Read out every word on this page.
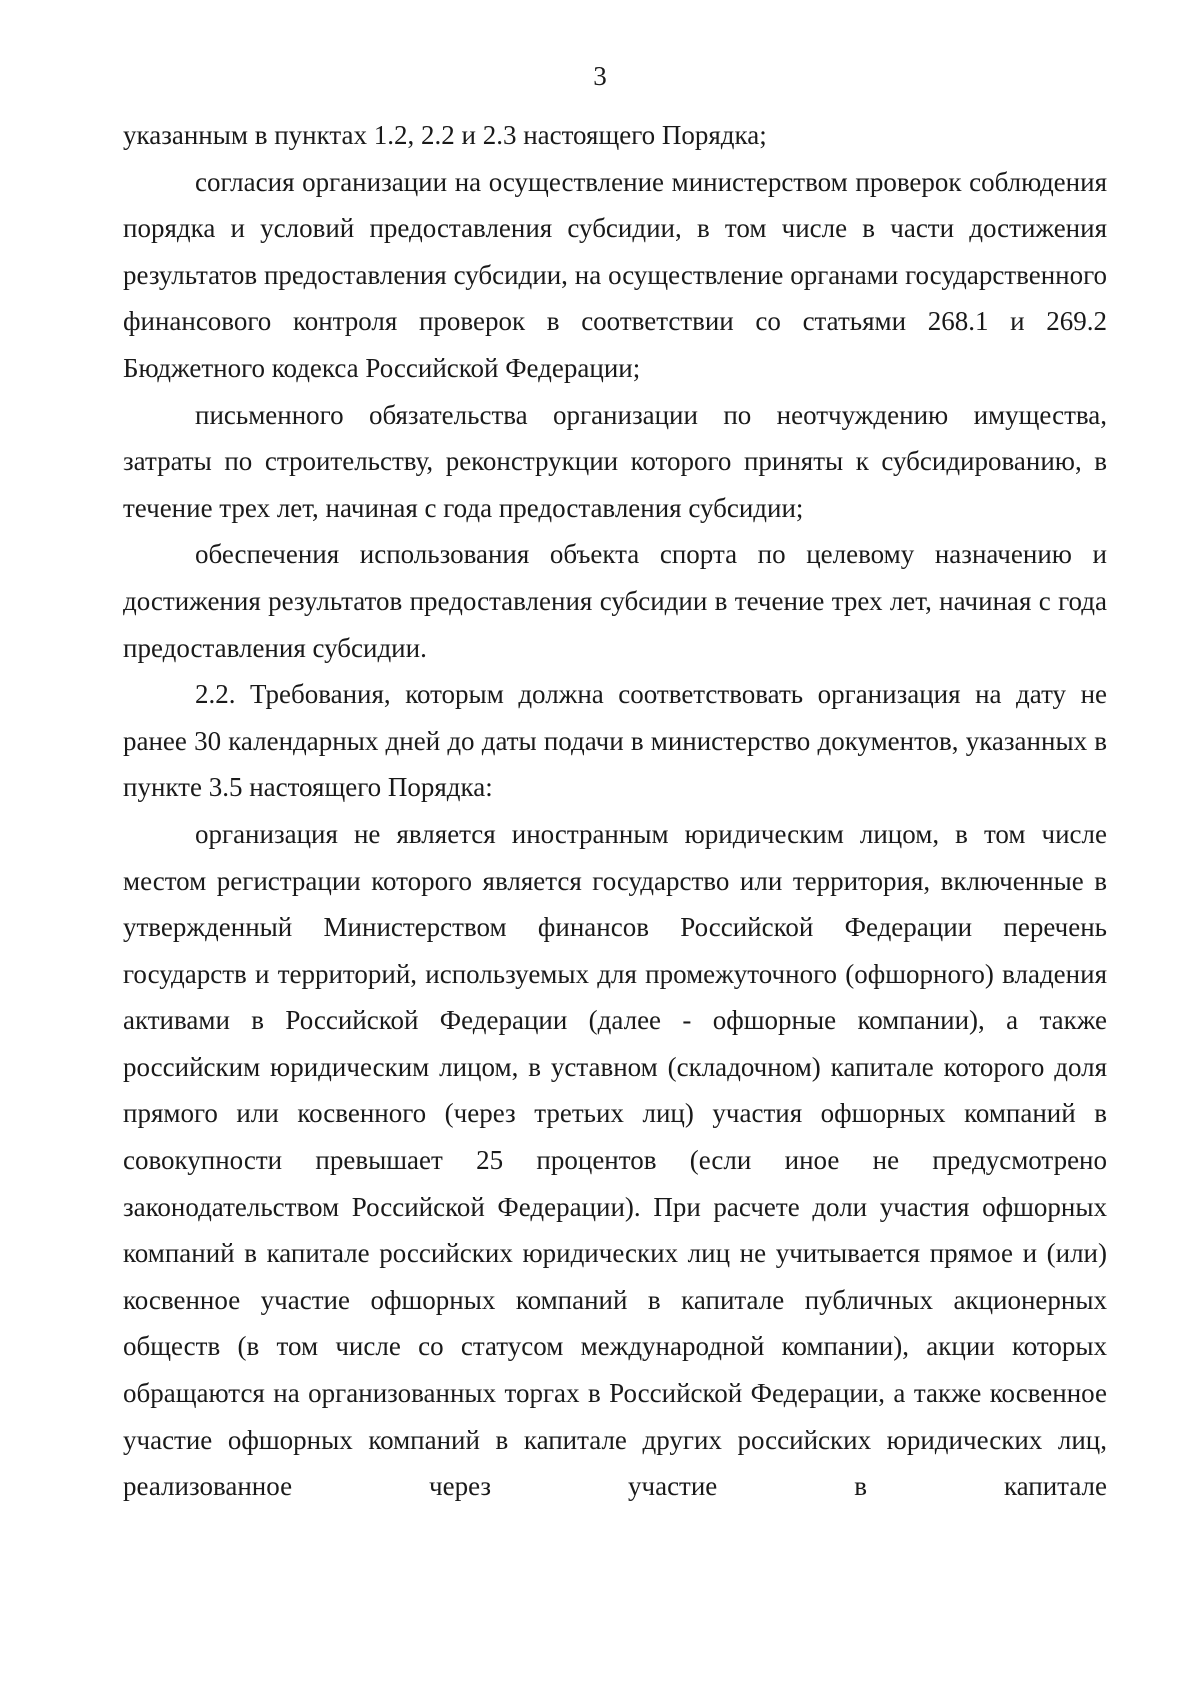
3

указанным в пунктах 1.2, 2.2 и 2.3 настоящего Порядка;

согласия организации на осуществление министерством проверок соблюдения порядка и условий предоставления субсидии, в том числе в части достижения результатов предоставления субсидии, на осуществление органами государственного финансового контроля проверок в соответствии со статьями 268.1 и 269.2 Бюджетного кодекса Российской Федерации;

письменного обязательства организации по неотчуждению имущества, затраты по строительству, реконструкции которого приняты к субсидированию, в течение трех лет, начиная с года предоставления субсидии;

обеспечения использования объекта спорта по целевому назначению и достижения результатов предоставления субсидии в течение трех лет, начиная с года предоставления субсидии.

2.2. Требования, которым должна соответствовать организация на дату не ранее 30 календарных дней до даты подачи в министерство документов, указанных в пункте 3.5 настоящего Порядка:

организация не является иностранным юридическим лицом, в том числе местом регистрации которого является государство или территория, включенные в утвержденный Министерством финансов Российской Федерации перечень государств и территорий, используемых для промежуточного (офшорного) владения активами в Российской Федерации (далее - офшорные компании), а также российским юридическим лицом, в уставном (складочном) капитале которого доля прямого или косвенного (через третьих лиц) участия офшорных компаний в совокупности превышает 25 процентов (если иное не предусмотрено законодательством Российской Федерации). При расчете доли участия офшорных компаний в капитале российских юридических лиц не учитывается прямое и (или) косвенное участие офшорных компаний в капитале публичных акционерных обществ (в том числе со статусом международной компании), акции которых обращаются на организованных торгах в Российской Федерации, а также косвенное участие офшорных компаний в капитале других российских юридических лиц, реализованное через участие в капитале
